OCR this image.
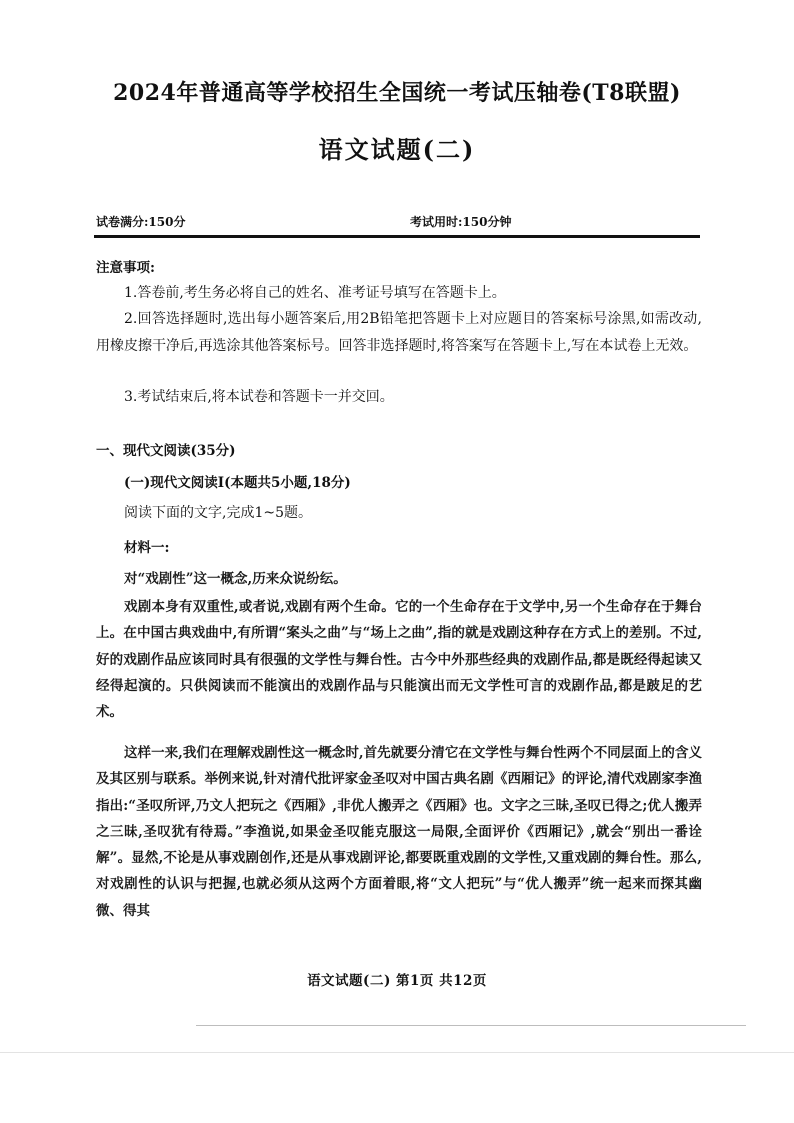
2024年普通高等学校招生全国统一考试压轴卷(T8联盟)
语文试题(二)
试卷满分:150分	考试用时:150分钟
注意事项:
1.答卷前,考生务必将自己的姓名、准考证号填写在答题卡上。
2.回答选择题时,选出每小题答案后,用2B铅笔把答题卡上对应题目的答案标号涂黑,如需改动,用橡皮擦干净后,再选涂其他答案标号。回答非选择题时,将答案写在答题卡上,写在本试卷上无效。
3.考试结束后,将本试卷和答题卡一并交回。
一、现代文阅读(35分)
(一)现代文阅读Ⅰ(本题共5小题,18分)
阅读下面的文字,完成1~5题。
材料一:
对“戏剧性”这一概念,历来众说纷纭。
戏剧本身有双重性,或者说,戏剧有两个生命。它的一个生命存在于文学中,另一个生命存在于舞台上。在中国古典戏曲中,有所谓“案头之曲”与“场上之曲”,指的就是戏剧这种存在方式上的差别。不过,好的戏剧作品应该同时具有很强的文学性与舞台性。古今中外那些经典的戏剧作品,都是既经得起读又经得起演的。只供阅读而不能演出的戏剧作品与只能演出而无文学性可言的戏剧作品,都是跛足的艺术。
这样一来,我们在理解戏剧性这一概念时,首先就要分清它在文学性与舞台性两个不同层面上的含义及其区别与联系。举例来说,针对清代批评家金圣叹对中国古典名剧《西厢记》的评论,清代戏剧家李渔指出:“圣叹所评,乃文人把玩之《西厢》,非优人搬弄之《西厢》也。文字之三昧,圣叹已得之;优人搬弄之三昧,圣叹犹有待焉。”李渔说,如果金圣叹能克服这一局限,全面评价《西厢记》,就会“别出一番诠解”。显然,不论是从事戏剧创作,还是从事戏剧评论,都要既重戏剧的文学性,又重戏剧的舞台性。那么,对戏剧性的认识与把握,也就必须从这两个方面着眼,将“文人把玩”与“优人搬弄”统一起来而探其幽微、得其
语文试题(二) 第1页 共12页
